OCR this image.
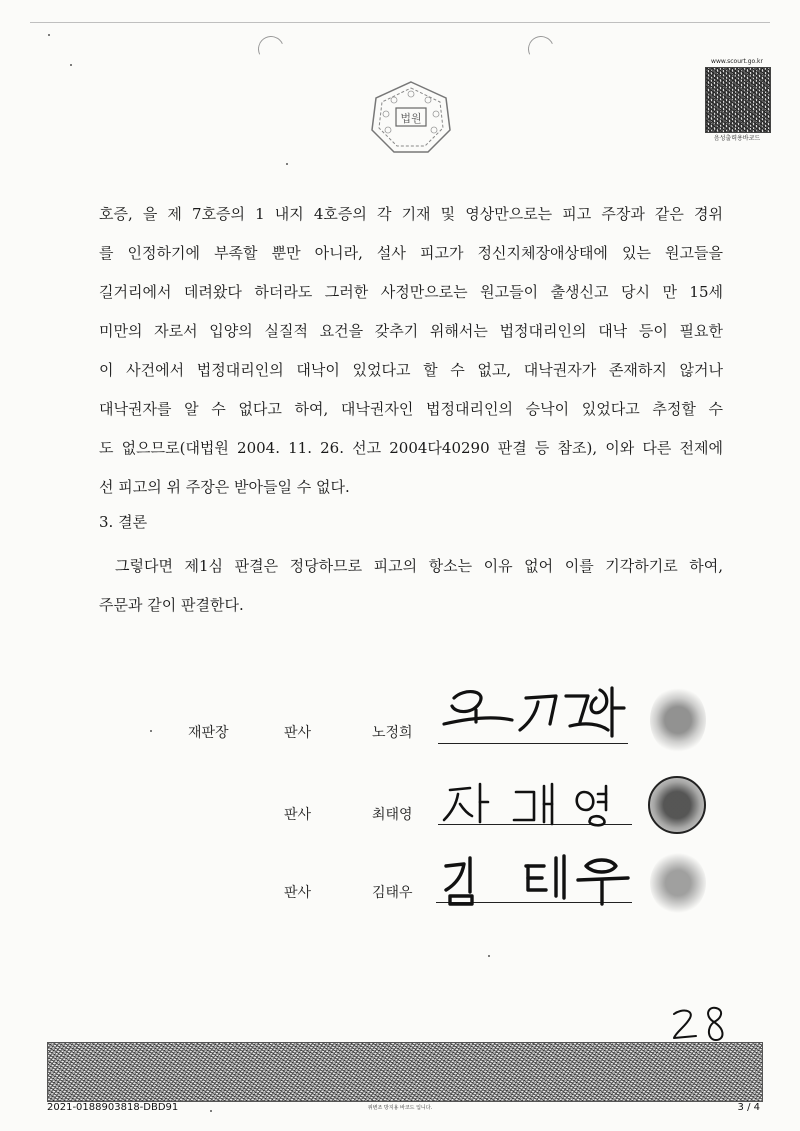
법원
www.scourt.go.kr
음성출력용바코드

호증, 을 제 7호증의 1 내지 4호증의 각 기재 및 영상만으로는 피고 주장과 같은 경위

를 인정하기에 부족할 뿐만 아니라, 설사 피고가 정신지체장애상태에 있는 원고들을

길거리에서 데려왔다 하더라도 그러한 사정만으로는 원고들이 출생신고 당시 만 15세

미만의 자로서 입양의 실질적 요건을 갖추기 위해서는 법정대리인의 대낙 등이 필요한

이 사건에서 법정대리인의 대낙이 있었다고 할 수 없고, 대낙권자가 존재하지 않거나

대낙권자를 알 수 없다고 하여, 대낙권자인 법정대리인의 승낙이 있었다고 추정할 수

도 없으므로(대법원 2004. 11. 26. 선고 2004다40290 판결 등 참조), 이와 다른 전제에

선 피고의 위 주장은 받아들일 수 없다.

3. 결론

그렇다면 제1심 판결은 정당하므로 피고의 항소는 이유 없어 이를 기각하기로 하여,

주문과 같이 판결한다.

재판장	판사	노정희
판사	최태영
판사	김태우
2021-0188903818-DBD91	위변조 방지용 바코드 입니다.	3 / 4
